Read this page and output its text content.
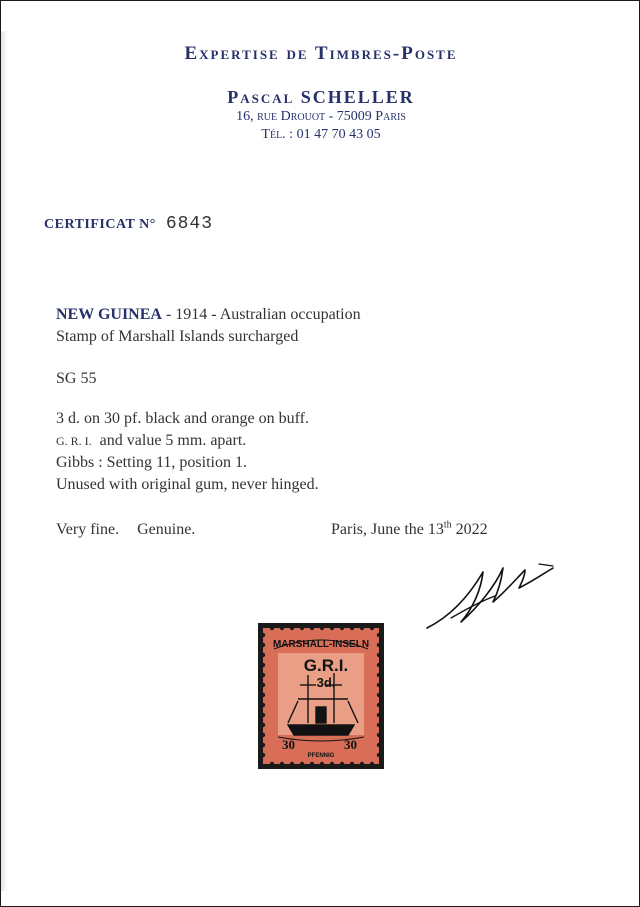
Expertise de Timbres-Poste
Pascal SCHELLER
16, rue Drouot - 75009 Paris
Tél. : 01 47 70 43 05
CERTIFICAT N° 6843
NEW GUINEA - 1914 - Australian occupation
Stamp of Marshall Islands surcharged
SG 55
3 d. on 30 pf. black and orange on buff.
G. R. I.  and value 5 mm. apart.
Gibbs : Setting 11, position 1.
Unused with original gum, never hinged.
Very fine. Genuine.	Paris, June the 13th 2022
MARSHALL-INSELN
G.R.I.
3d.
30	30
PFENNIG
